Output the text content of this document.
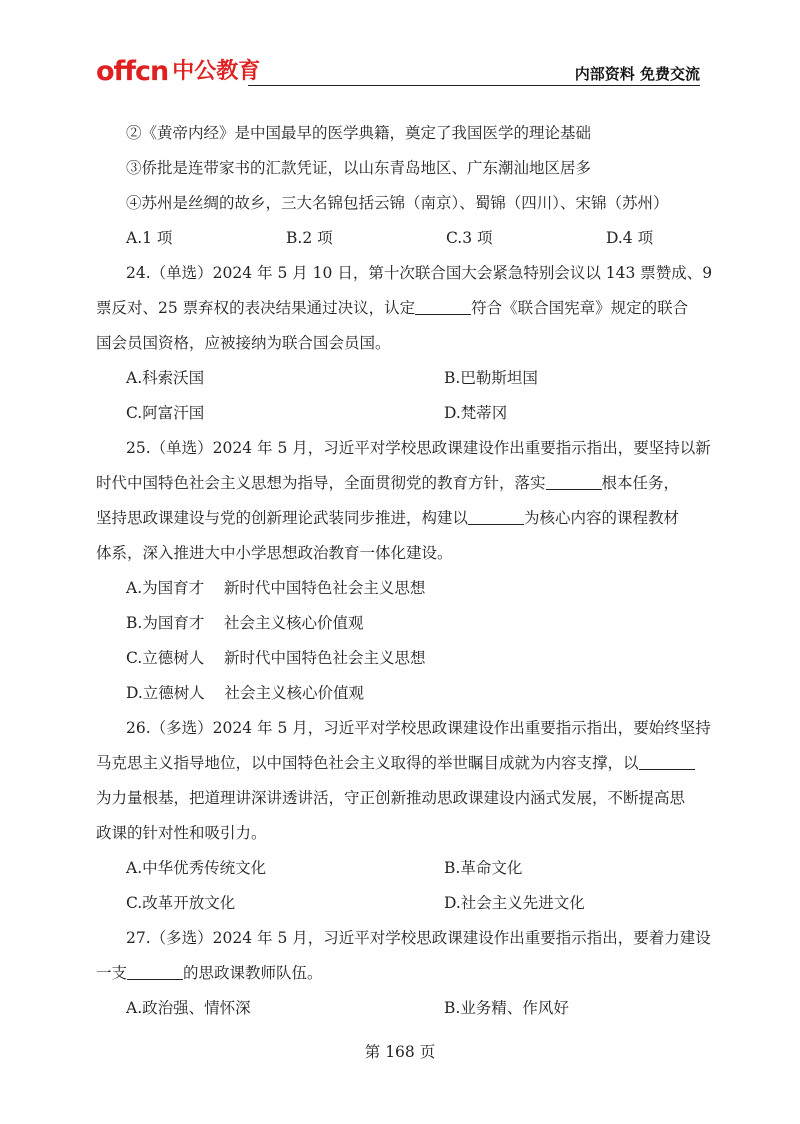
offcn 中公教育	内部资料 免费交流
②《黄帝内经》是中国最早的医学典籍，奠定了我国医学的理论基础
③侨批是连带家书的汇款凭证，以山东青岛地区、广东潮汕地区居多
④苏州是丝绸的故乡，三大名锦包括云锦（南京）、蜀锦（四川）、宋锦（苏州）
A.1 项	B.2 项	C.3 项	D.4 项
24.（单选）2024 年 5 月 10 日，第十次联合国大会紧急特别会议以 143 票赞成、9
票反对、25 票弃权的表决结果通过决议，认定	符合《联合国宪章》规定的联合
国会员国资格，应被接纳为联合国会员国。
A.科索沃国	B.巴勒斯坦国
C.阿富汗国	D.梵蒂冈
25.（单选）2024 年 5 月，习近平对学校思政课建设作出重要指示指出，要坚持以新
时代中国特色社会主义思想为指导，全面贯彻党的教育方针，落实	根本任务，
坚持思政课建设与党的创新理论武装同步推进，构建以	为核心内容的课程教材
体系，深入推进大中小学思想政治教育一体化建设。
A.为国育才    新时代中国特色社会主义思想
B.为国育才    社会主义核心价值观
C.立德树人    新时代中国特色社会主义思想
D.立德树人    社会主义核心价值观
26.（多选）2024 年 5 月，习近平对学校思政课建设作出重要指示指出，要始终坚持
马克思主义指导地位，以中国特色社会主义取得的举世瞩目成就为内容支撑，以
为力量根基，把道理讲深讲透讲活，守正创新推动思政课建设内涵式发展，不断提高思
政课的针对性和吸引力。
A.中华优秀传统文化	B.革命文化
C.改革开放文化	D.社会主义先进文化
27.（多选）2024 年 5 月，习近平对学校思政课建设作出重要指示指出，要着力建设
一支	的思政课教师队伍。
A.政治强、情怀深	B.业务精、作风好
第 168 页
